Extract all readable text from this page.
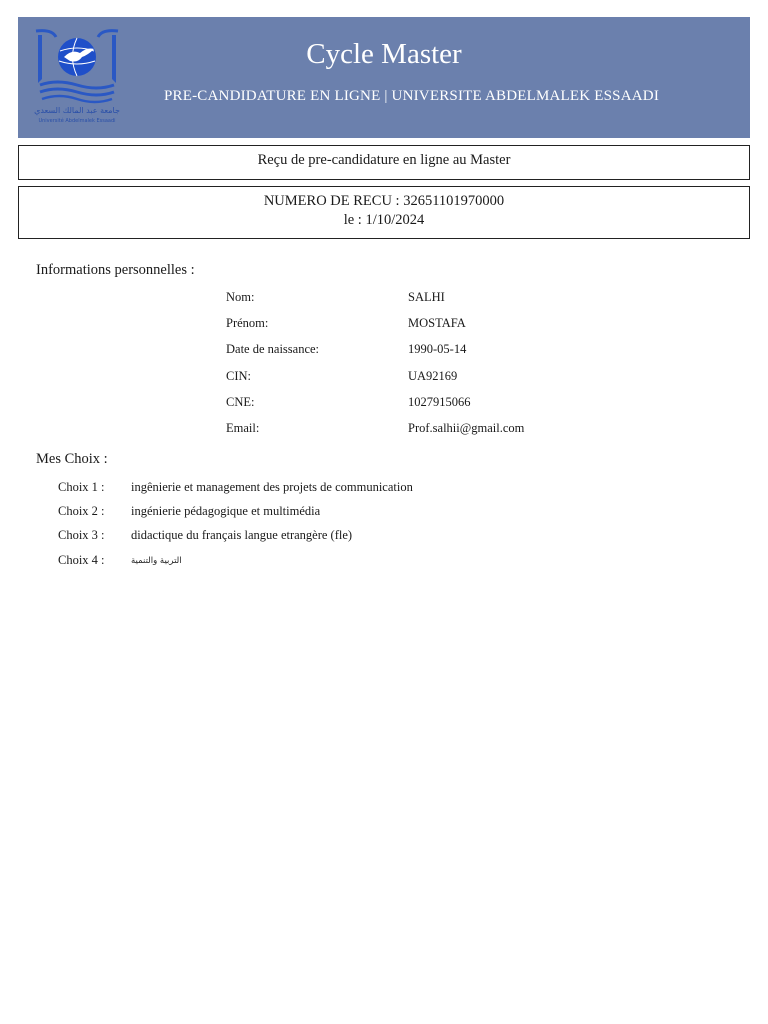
جامعة عبد المالك السعدي
Université Abdelmalek Essaadi
Cycle Master
PRE-CANDIDATURE EN LIGNE | UNIVERSITE ABDELMALEK ESSAADI
Reçu de pre-candidature en ligne au Master
NUMERO DE RECU : 32651101970000
le : 1/10/2024
Informations personnelles :
Nom:	SALHI
Prénom:	MOSTAFA
Date de naissance:	1990-05-14
CIN:	UA92169
CNE:	1027915066
Email:	Prof.salhii@gmail.com
Mes Choix :
Choix 1 : ingênierie et management des projets de communication
Choix 2 : ingénierie pédagogique et multimédia
Choix 3 : didactique du français langue etrangère (fle)
Choix 4 :	التربية والتنمية
